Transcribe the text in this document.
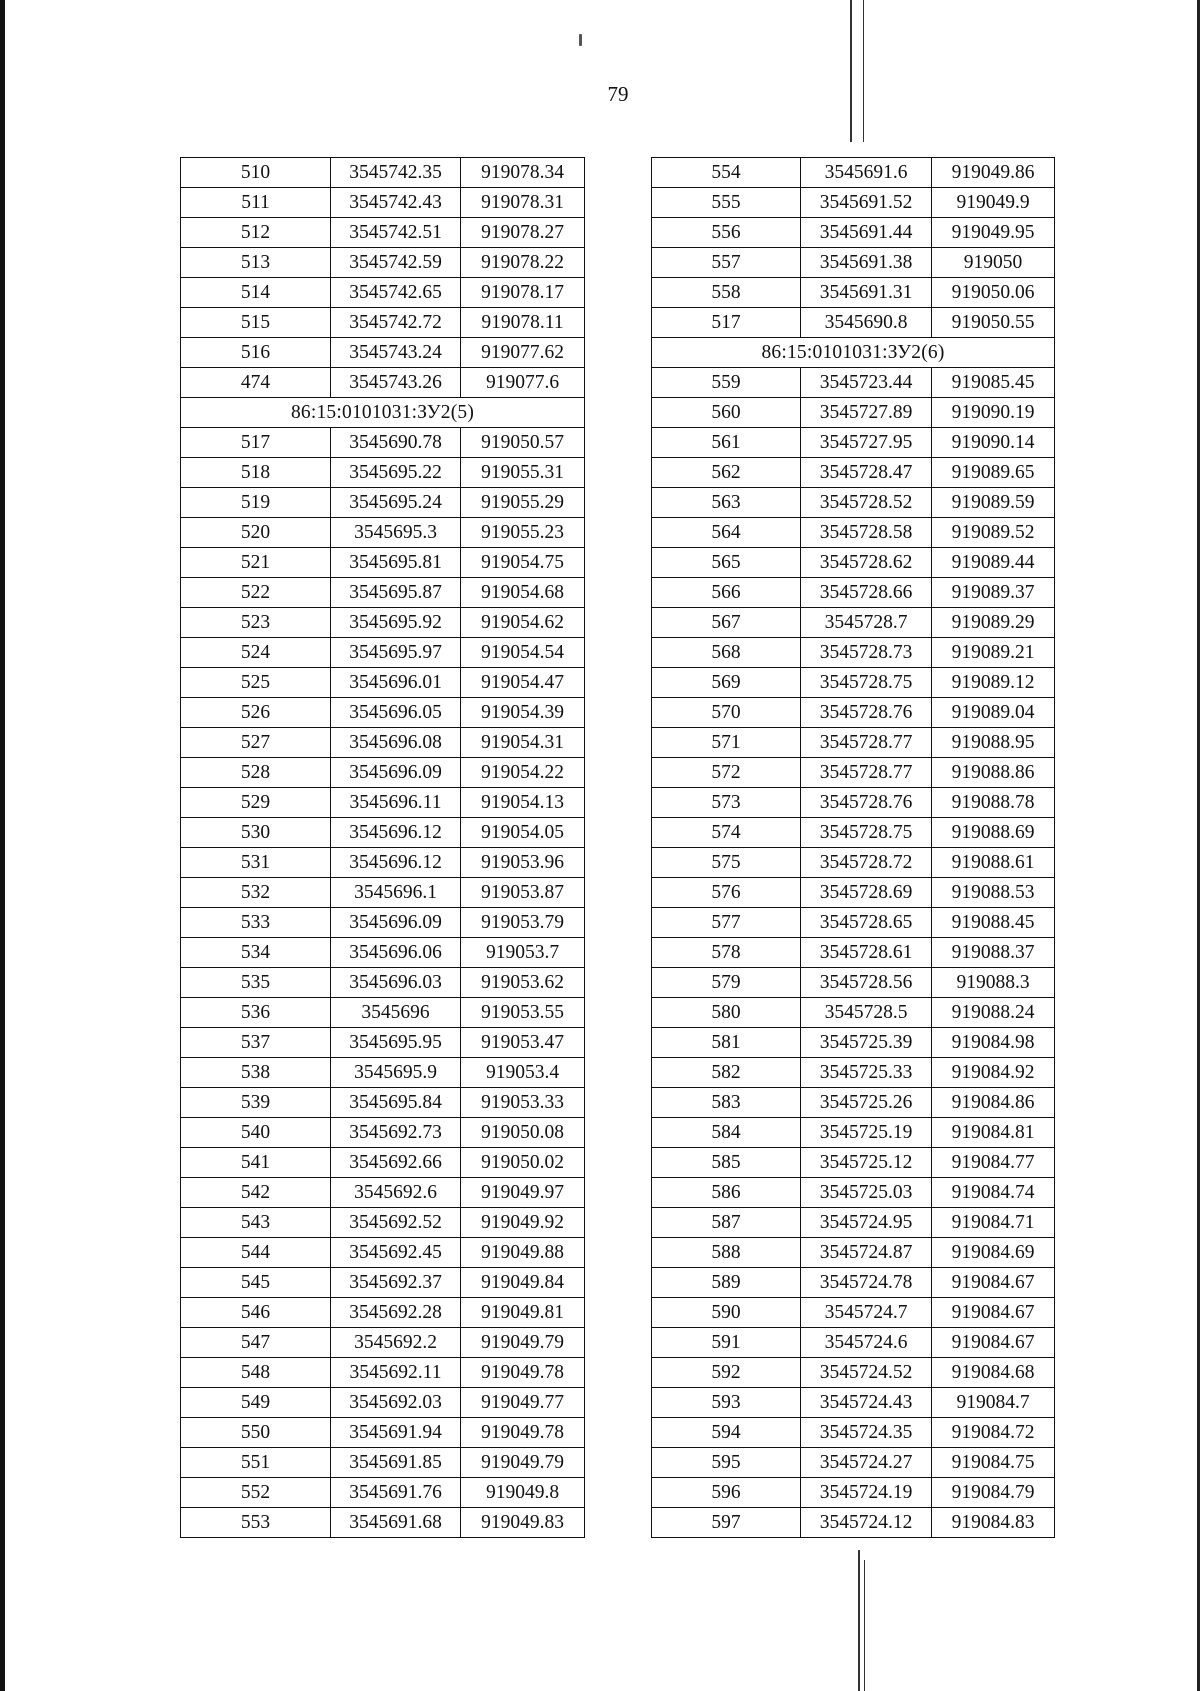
79
510	3545742.35	919078.34
511	3545742.43	919078.31
512	3545742.51	919078.27
513	3545742.59	919078.22
514	3545742.65	919078.17
515	3545742.72	919078.11
516	3545743.24	919077.62
474	3545743.26	919077.6
86:15:0101031:ЗУ2(5)		
517	3545690.78	919050.57
518	3545695.22	919055.31
519	3545695.24	919055.29
520	3545695.3	919055.23
521	3545695.81	919054.75
522	3545695.87	919054.68
523	3545695.92	919054.62
524	3545695.97	919054.54
525	3545696.01	919054.47
526	3545696.05	919054.39
527	3545696.08	919054.31
528	3545696.09	919054.22
529	3545696.11	919054.13
530	3545696.12	919054.05
531	3545696.12	919053.96
532	3545696.1	919053.87
533	3545696.09	919053.79
534	3545696.06	919053.7
535	3545696.03	919053.62
536	3545696	919053.55
537	3545695.95	919053.47
538	3545695.9	919053.4
539	3545695.84	919053.33
540	3545692.73	919050.08
541	3545692.66	919050.02
542	3545692.6	919049.97
543	3545692.52	919049.92
544	3545692.45	919049.88
545	3545692.37	919049.84
546	3545692.28	919049.81
547	3545692.2	919049.79
548	3545692.11	919049.78
549	3545692.03	919049.77
550	3545691.94	919049.78
551	3545691.85	919049.79
552	3545691.76	919049.8
553	3545691.68	919049.83
554	3545691.6	919049.86
555	3545691.52	919049.9
556	3545691.44	919049.95
557	3545691.38	919050
558	3545691.31	919050.06
517	3545690.8	919050.55
86:15:0101031:ЗУ2(6)		
559	3545723.44	919085.45
560	3545727.89	919090.19
561	3545727.95	919090.14
562	3545728.47	919089.65
563	3545728.52	919089.59
564	3545728.58	919089.52
565	3545728.62	919089.44
566	3545728.66	919089.37
567	3545728.7	919089.29
568	3545728.73	919089.21
569	3545728.75	919089.12
570	3545728.76	919089.04
571	3545728.77	919088.95
572	3545728.77	919088.86
573	3545728.76	919088.78
574	3545728.75	919088.69
575	3545728.72	919088.61
576	3545728.69	919088.53
577	3545728.65	919088.45
578	3545728.61	919088.37
579	3545728.56	919088.3
580	3545728.5	919088.24
581	3545725.39	919084.98
582	3545725.33	919084.92
583	3545725.26	919084.86
584	3545725.19	919084.81
585	3545725.12	919084.77
586	3545725.03	919084.74
587	3545724.95	919084.71
588	3545724.87	919084.69
589	3545724.78	919084.67
590	3545724.7	919084.67
591	3545724.6	919084.67
592	3545724.52	919084.68
593	3545724.43	919084.7
594	3545724.35	919084.72
595	3545724.27	919084.75
596	3545724.19	919084.79
597	3545724.12	919084.83
